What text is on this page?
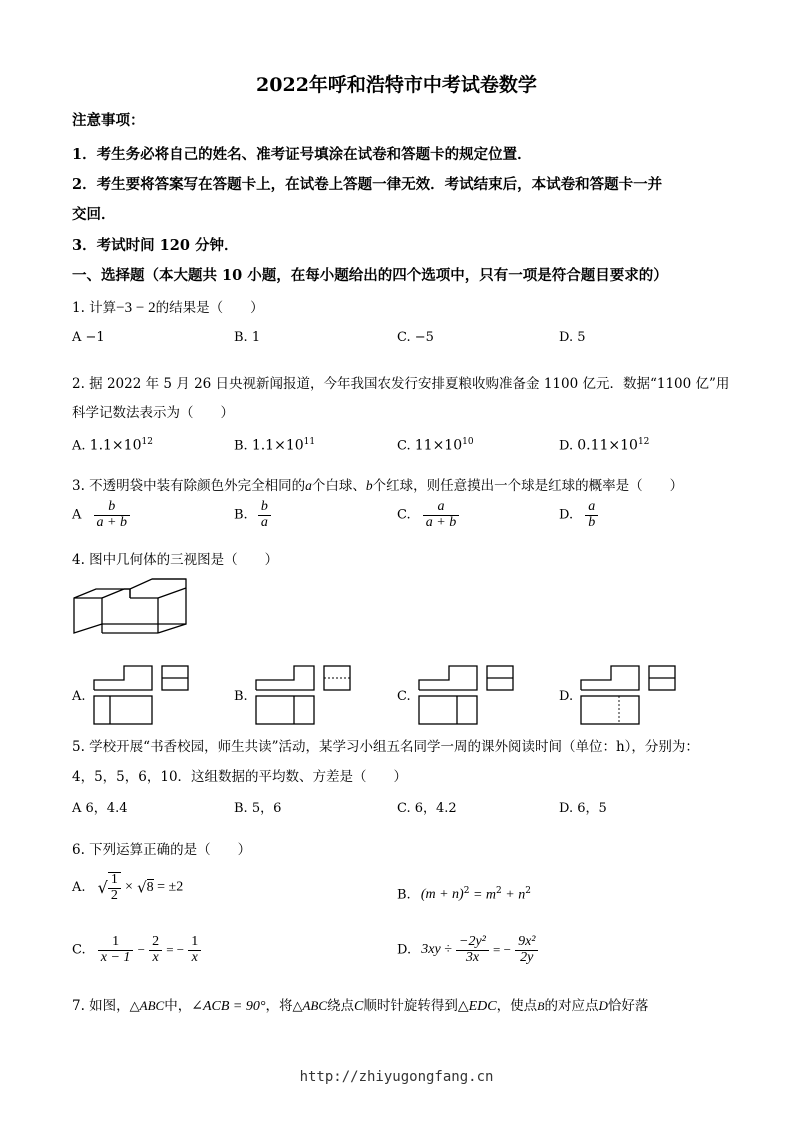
2022年呼和浩特市中考试卷数学
注意事项：
1．考生务必将自己的姓名、准考证号填涂在试卷和答题卡的规定位置．
2．考生要将答案写在答题卡上，在试卷上答题一律无效．考试结束后，本试卷和答题卡一并
交回．
3．考试时间 120 分钟．
一、选择题（本大题共 10 小题，在每小题给出的四个选项中，只有一项是符合题目要求的）
1. 计算−3 − 2的结果是（　　）
A −1	B. 1	C. −5	D. 5
2. 据 2022 年 5 月 26 日央视新闻报道，今年我国农发行安排夏粮收购准备金 1100 亿元．数据“1100 亿”用
科学记数法表示为（　　）
A. $1.1\times 10^{12}$	B. $1.1\times 10^{11}$	C. $11\times 10^{10}$	D. $0.11\times 10^{12}$
3. 不透明袋中装有除颜色外完全相同的a个白球、b个红球，则任意摸出一个球是红球的概率是（　　）
A $\frac{b}{a + b}$	B. $\frac{b}{a}$	C. $\frac{a}{a + b}$	D. $\frac{a}{b}$
4. 图中几何体的三视图是（　　）
A.	B.	C.	D.
5. 学校开展“书香校园，师生共读”活动，某学习小组五名同学一周的课外阅读时间（单位：h），分别为：
4，5，5，6，10．这组数据的平均数、方差是（　　）
A 6，4.4	B. 5，6	C. 6，4.2	D. 6，5
6. 下列运算正确的是（　　）
A. √ $\frac{1}{2} \times √8 = \pm 2$
B. $(m + n)^2 = m^2 + n^2$
C. $\frac{1}{x - 1} - \frac{2}{x}$ = − $\frac{1}{x}$	D. $3xy \div \frac{\text{−2y²}}{3x}$ = − $\frac{\text{9x²}}{2y}$
7. 如图，△ABC中，∠ACB = 90°，将△ABC绕点C顺时针旋转得到△EDC，使点B的对应点D恰好落
http://zhiyugongfang.cn
